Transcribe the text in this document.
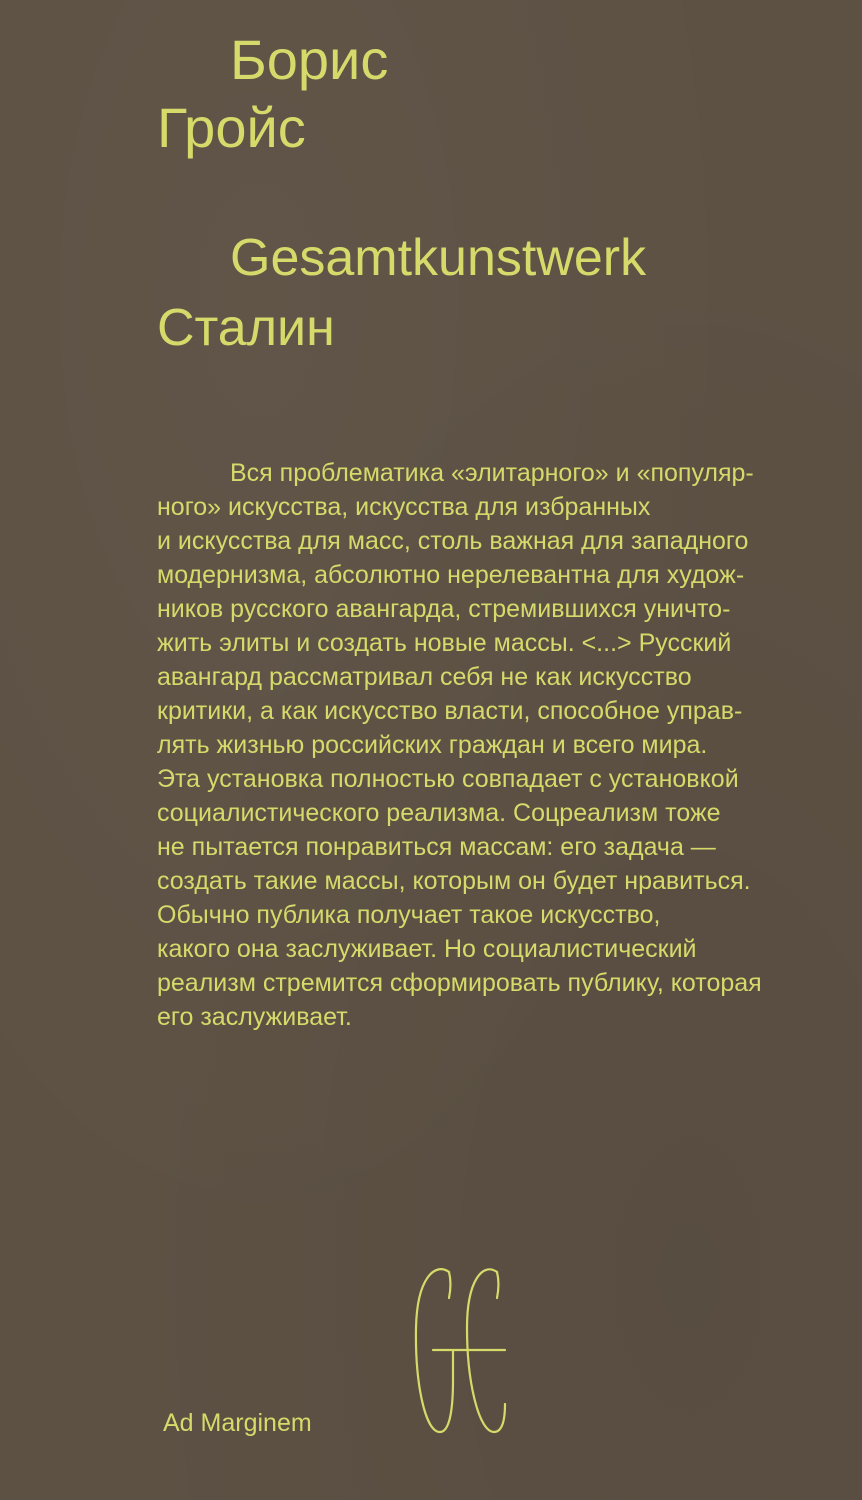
Борис
Гройс
Gesamtkunstwerk
Сталин
Вся проблематика «элитарного» и «популяр-
ного» искусства, искусства для избранных
и искусства для масс, столь важная для западного
модернизма, абсолютно нерелевантна для худож-
ников русского авангарда, стремившихся уничто-
жить элиты и создать новые массы. <...> Русский
авангард рассматривал себя не как искусство
критики, а как искусство власти, способное управ-
лять жизнью российских граждан и всего мира.
Эта установка полностью совпадает с установкой
социалистического реализма. Соцреализм тоже
не пытается понравиться массам: его задача —
создать такие массы, которым он будет нравиться.
Обычно публика получает такое искусство,
какого она заслуживает. Но социалистический
реализм стремится сформировать публику, которая
его заслуживает.
Ad Marginem
